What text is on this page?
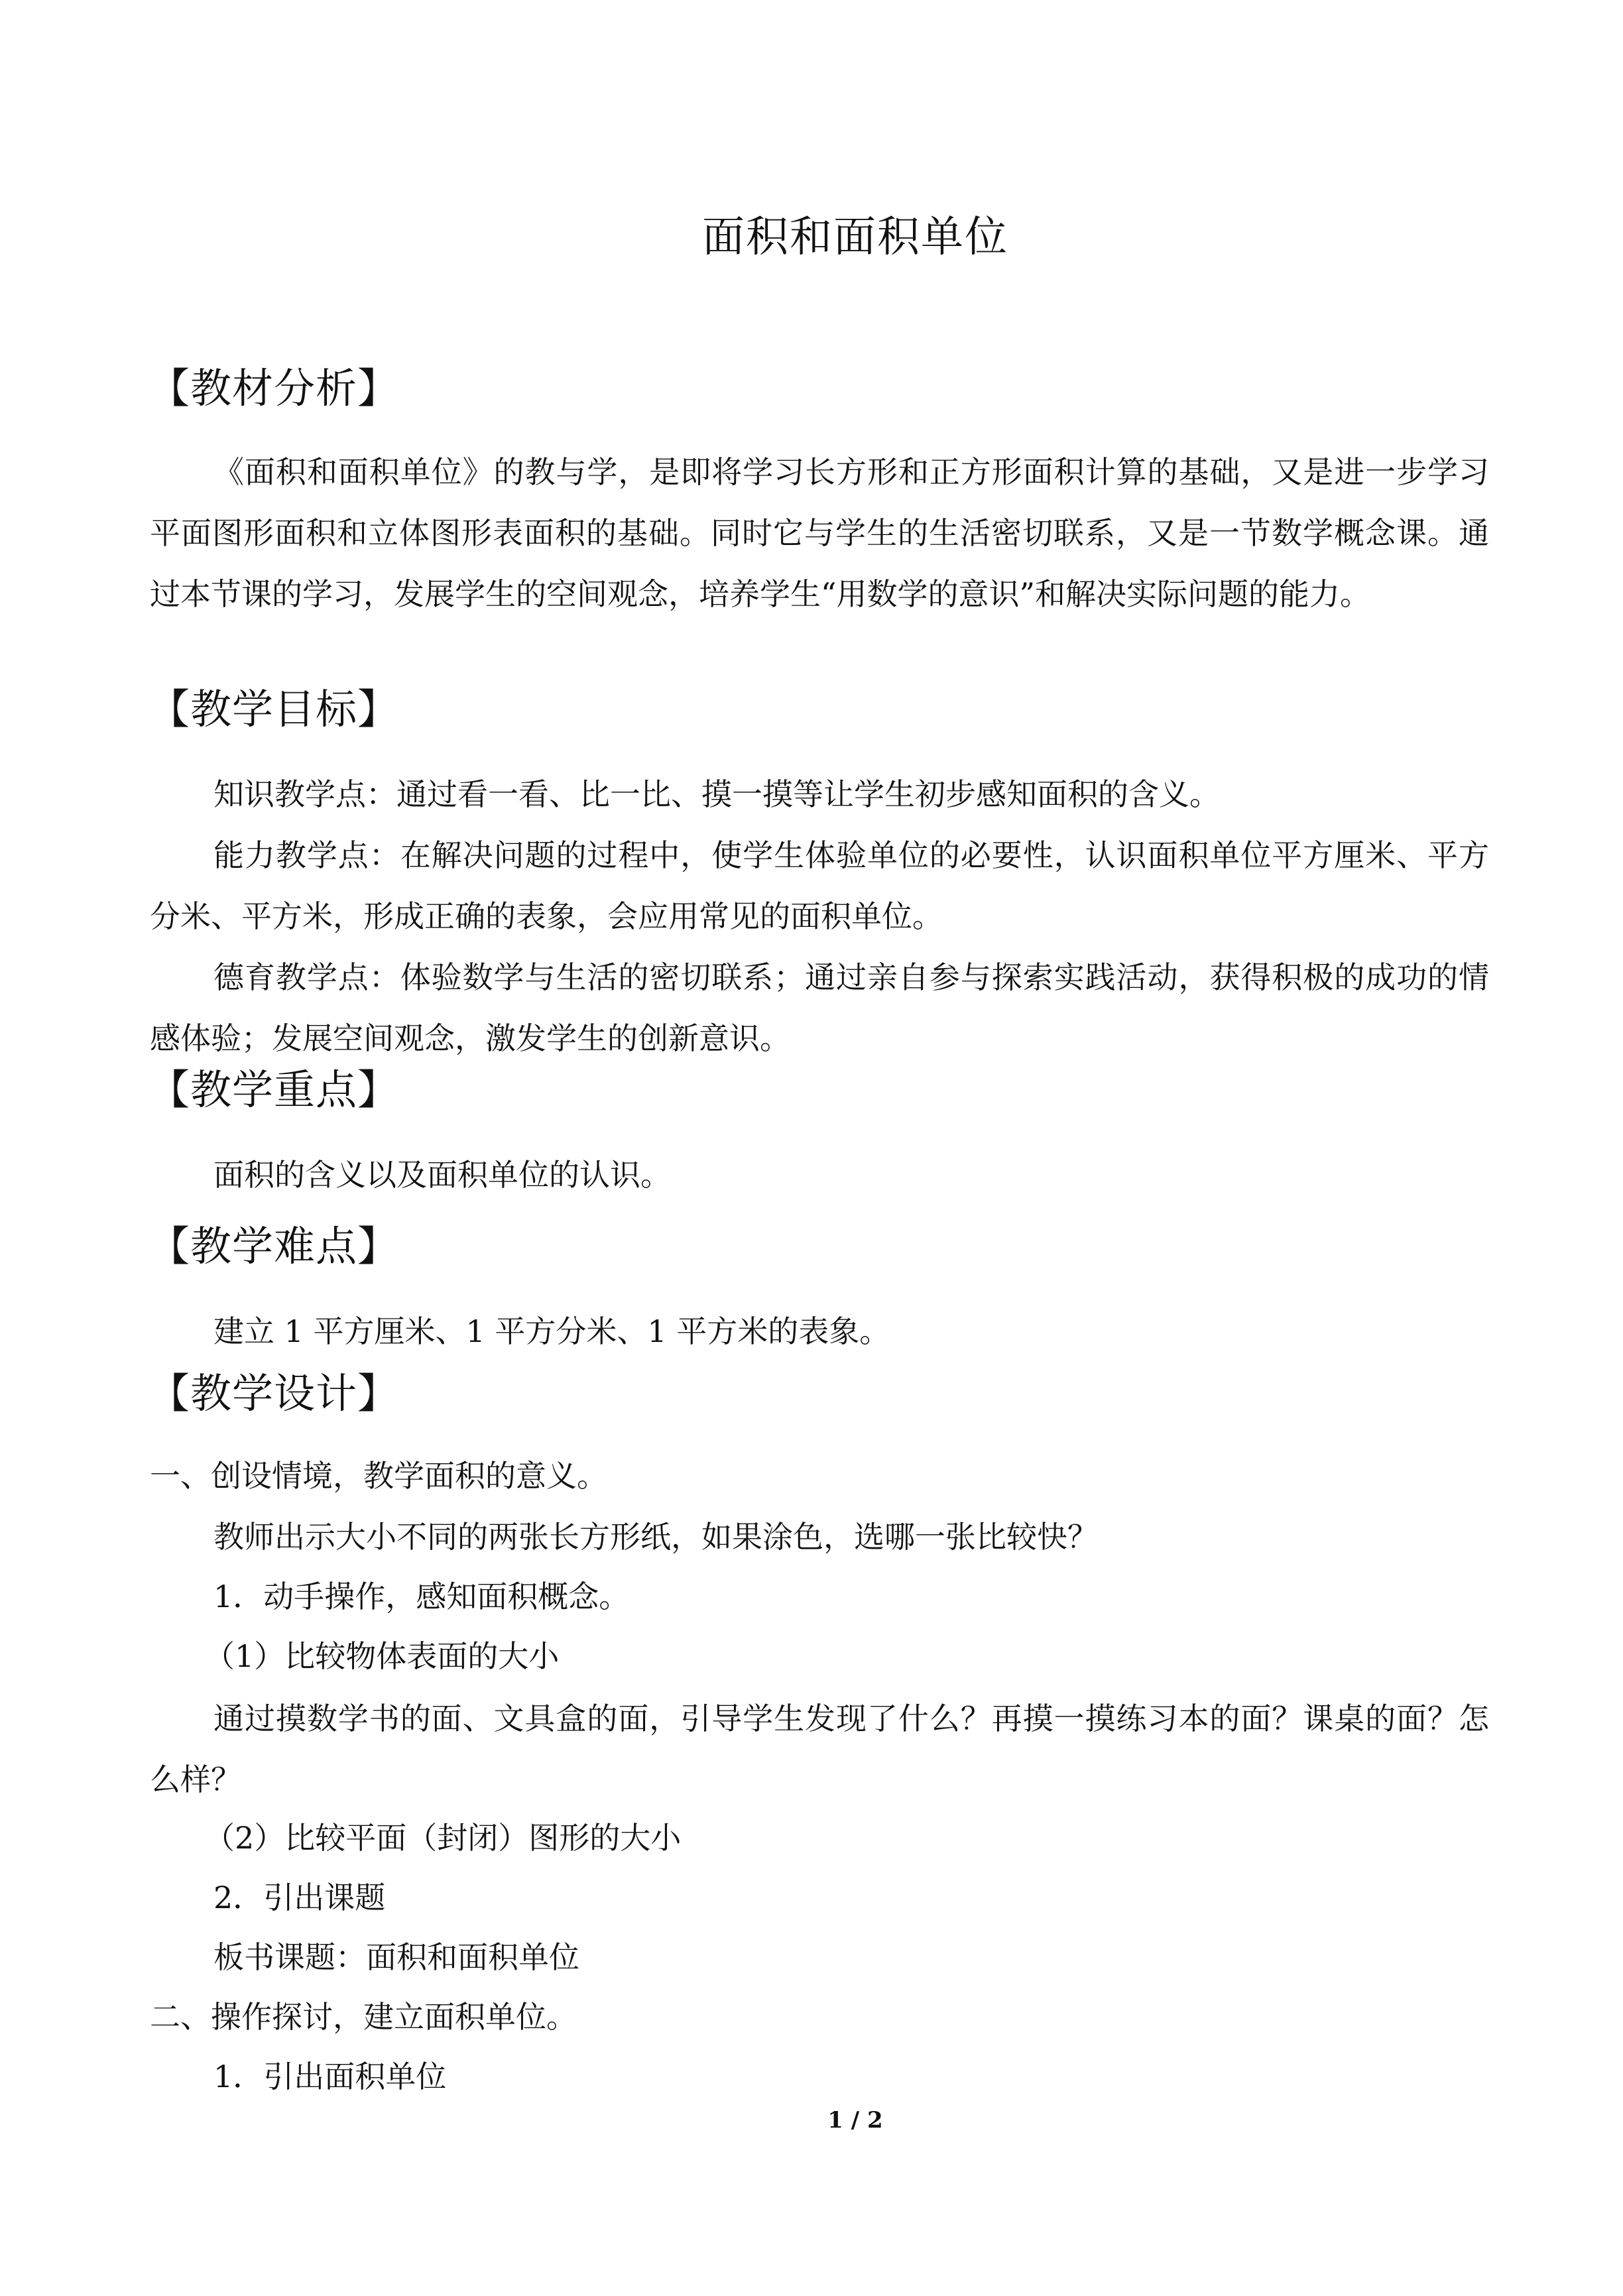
面积和面积单位
【教材分析】
《面积和面积单位》的教与学，是即将学习长方形和正方形面积计算的基础，又是进一步学习平面图形面积和立体图形表面积的基础。同时它与学生的生活密切联系，又是一节数学概念课。通过本节课的学习，发展学生的空间观念，培养学生“用数学的意识”和解决实际问题的能力。
【教学目标】
知识教学点：通过看一看、比一比、摸一摸等让学生初步感知面积的含义。
能力教学点：在解决问题的过程中，使学生体验单位的必要性，认识面积单位平方厘米、平方分米、平方米，形成正确的表象，会应用常见的面积单位。
德育教学点：体验数学与生活的密切联系；通过亲自参与探索实践活动，获得积极的成功的情感体验；发展空间观念，激发学生的创新意识。
【教学重点】
面积的含义以及面积单位的认识。
【教学难点】
建立 1 平方厘米、1 平方分米、1 平方米的表象。
【教学设计】
一、创设情境，教学面积的意义。
教师出示大小不同的两张长方形纸，如果涂色，选哪一张比较快？
1．动手操作，感知面积概念。
（1）比较物体表面的大小
通过摸数学书的面、文具盒的面，引导学生发现了什么？再摸一摸练习本的面？课桌的面？怎么样？
（2）比较平面（封闭）图形的大小
2．引出课题
板书课题：面积和面积单位
二、操作探讨，建立面积单位。
1．引出面积单位
1 / 2
